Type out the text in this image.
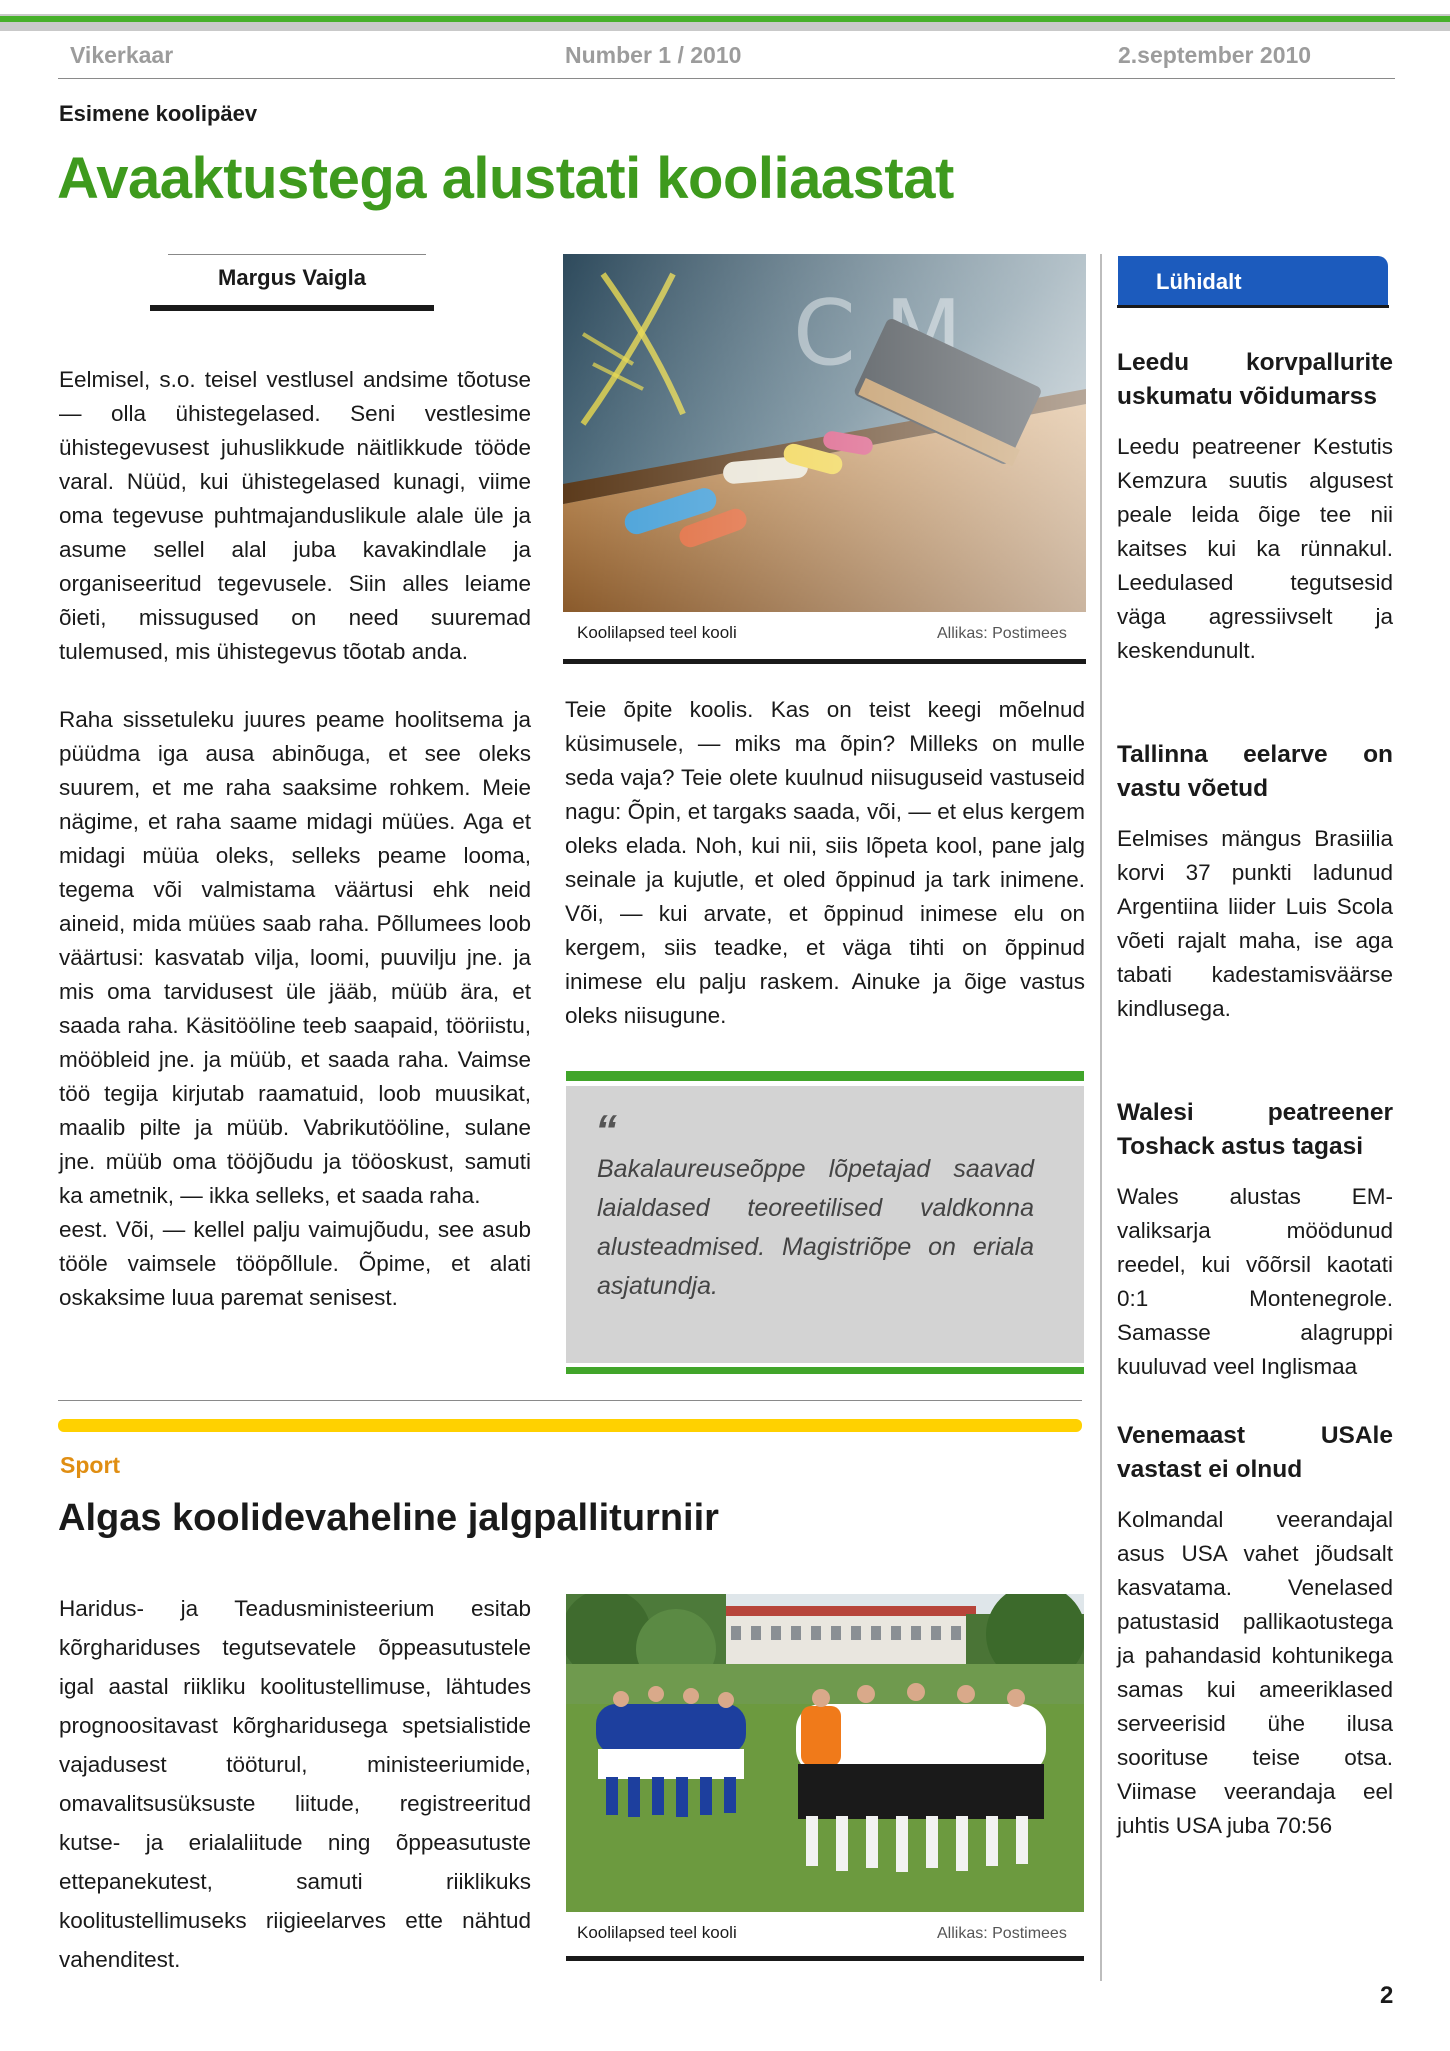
Vikerkaar	Number 1 / 2010	2.september 2010
Esimene koolipäev
Avaaktustega alustati kooliaastat
Margus Vaigla

Eelmisel, s.o. teisel vestlusel andsime tõotuse — olla ühistegelased. Seni vestlesime ühistegevusest juhuslikkude näitlikkude tööde varal. Nüüd, kui ühistegelased kunagi, viime oma tegevuse puhtmajanduslikule alale üle ja asume sellel alal juba kavakindlale ja organiseeritud tegevusele. Siin alles leiame õieti, missugused on need suuremad tulemused, mis ühistegevus tõotab anda.

Raha sissetuleku juures peame hoolitsema ja püüdma iga ausa abinõuga, et see oleks suurem, et me raha saaksime rohkem. Meie nägime, et raha saame midagi müües. Aga et midagi müüa oleks, selleks peame looma, tegema või valmistama väärtusi ehk neid aineid, mida müües saab raha. Põllumees loob väärtusi: kasvatab vilja, loomi, puuvilju jne. ja mis oma tarvidusest üle jääb, müüb ära, et saada raha. Käsitööline teeb saapaid, tööriistu, mööbleid jne. ja müüb, et saada raha. Vaimse töö tegija kirjutab raamatuid, loob muusikat, maalib pilte ja müüb. Vabrikutööline, sulane jne. müüb oma tööjõudu ja tööoskust, samuti ka ametnik, — ikka selleks, et saada raha.

eest. Või, — kellel palju vaimujõudu, see asub tööle vaimsele tööpõllule. Õpime, et alati oskaksime luua paremat senisest.

Koolilapsed teel kooli	Allikas: Postimees

Teie õpite koolis. Kas on teist keegi mõelnud küsimusele, — miks ma õpin? Milleks on mulle seda vaja? Teie olete kuulnud niisuguseid vastuseid nagu: Õpin, et targaks saada, või, — et elus kergem oleks elada. Noh, kui nii, siis lõpeta kool, pane jalg seinale ja kujutle, et oled õppinud ja tark inimene. Või, — kui arvate, et õppinud inimese elu on kergem, siis teadke, et väga tihti on õppinud inimese elu palju raskem. Ainuke ja õige vastus oleks niisugune.

“
Bakalaureuseõppe lõpetajad saavad laialdased teoreetilised valdkonna alusteadmised. Magistriõpe on eriala asjatundja.
Lühidalt

Leedu korvpallurite uskumatu võidumarss

Leedu peatreener Kestutis Kemzura suutis algusest peale leida õige tee nii kaitses kui ka rünnakul. Leedulased tegutsesid väga agressiivselt ja keskendunult.

Tallinna eelarve on vastu võetud

Eelmises mängus Brasiilia korvi 37 punkti ladunud Argentiina liider Luis Scola võeti rajalt maha, ise aga tabati kadestamisväärse kindlusega.

Walesi peatreener Toshack astus tagasi

Wales alustas EM-valiksarja möödunud reedel, kui võõrsil kaotati 0:1 Montenegrole. Samasse alagruppi kuuluvad veel Inglismaa

Venemaast USAle vastast ei olnud

Kolmandal veerandajal asus USA vahet jõudsalt kasvatama. Venelased patustasid pallikaotustega ja pahandasid kohtunikega samas kui ameeriklased serveerisid ühe ilusa soorituse teise otsa. Viimase veerandaja eel juhtis USA juba 70:56

Sport
Algas koolidevaheline jalgpalliturniir

Haridus- ja Teadusministeerium esitab kõrghariduses tegutsevatele õppeasutustele igal aastal riikliku koolitustellimuse, lähtudes prognoositavast kõrgharidusega spetsialistide vajadusest tööturul, ministeeriumide, omavalitsusüksuste liitude, registreeritud kutse- ja erialaliitude ning õppeasutuste ettepanekutest, samuti riiklikuks koolitustellimuseks riigieelarves ette nähtud vahenditest.

Koolilapsed teel kooli	Allikas: Postimees
2
